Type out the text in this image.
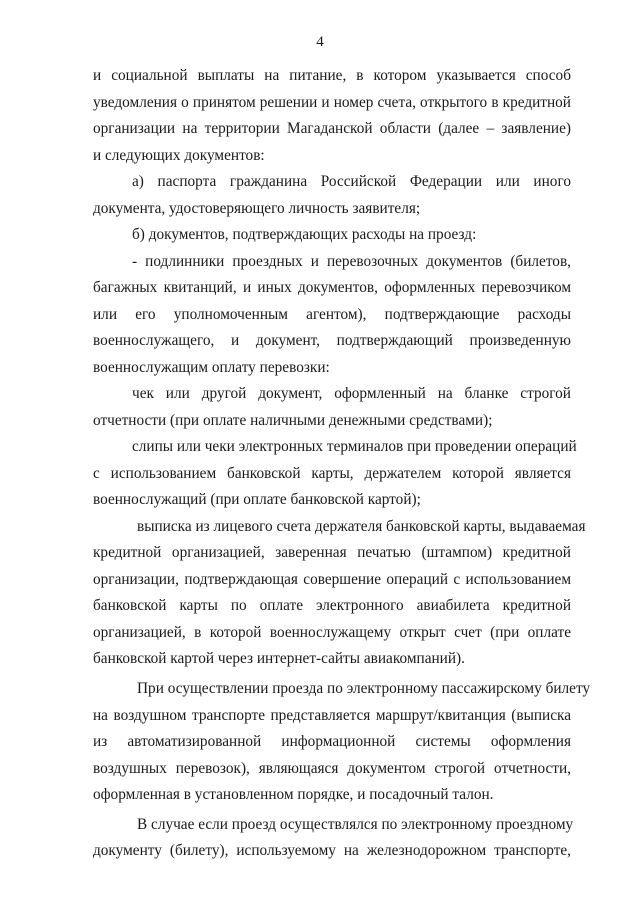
4
и социальной выплаты на питание, в котором указывается способ
уведомления о принятом решении и номер счета, открытого в кредитной
организации на территории Магаданской области (далее – заявление)
и следующих документов:
а) паспорта гражданина Российской Федерации или иного
документа, удостоверяющего личность заявителя;
б) документов, подтверждающих расходы на проезд:
- подлинники проездных и перевозочных документов (билетов,
багажных квитанций, и иных документов, оформленных перевозчиком
или его уполномоченным агентом), подтверждающие расходы
военнослужащего, и документ, подтверждающий произведенную
военнослужащим оплату перевозки:
чек или другой документ, оформленный на бланке строгой
отчетности (при оплате наличными денежными средствами);
слипы или чеки электронных терминалов при проведении операций
с использованием банковской карты, держателем которой является
военнослужащий (при оплате банковской картой);
выписка из лицевого счета держателя банковской карты, выдаваемая
кредитной организацией, заверенная печатью (штампом) кредитной
организации, подтверждающая совершение операций с использованием
банковской карты по оплате электронного авиабилета кредитной
организацией, в которой военнослужащему открыт счет (при оплате
банковской картой через интернет-сайты авиакомпаний).
При осуществлении проезда по электронному пассажирскому билету
на воздушном транспорте представляется маршрут/квитанция (выписка
из автоматизированной информационной системы оформления
воздушных перевозок), являющаяся документом строгой отчетности,
оформленная в установленном порядке, и посадочный талон.
В случае если проезд осуществлялся по электронному проездному
документу (билету), используемому на железнодорожном транспорте,
